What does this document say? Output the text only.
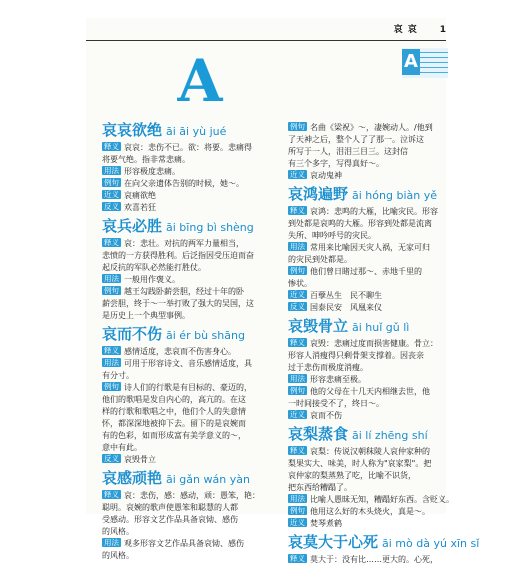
哀 哀 1
A
A
哀哀欲绝 āi āi yù jué
释义 哀哀：悲伤不已。欲：将要。悲痛得
将要气绝。指非常悲痛。
用法 形容极度悲痛。
例句 在向父亲遗体告别的时候，她～。
近义 哀痛欲绝
反义 欢喜若狂
哀兵必胜 āi bīng bì shèng
释义 哀：悲壮。对抗的两军力量相当，
悲愤的一方获得胜利。后泛指因受压迫而奋
起反抗的军队必然能打胜仗。
用法 一般用作褒义。
例句 越王勾践卧薪尝胆，经过十年的卧
薪尝胆，终于～一举打败了强大的吴国，这
是历史上一个典型事例。
哀而不伤 āi ér bù shāng
释义 感情适度，悲哀而不伤害身心。
用法 可用于形容诗文、音乐感情适度，具
有分寸。
例句 诗人们的行歌是有目标的、豪迈的，
他们的歌唱是发自内心的，高亢的。在这
样的行歌和歌唱之中，他们个人的失意情
怀，都深深地被抑下去。留下的是哀婉而
有的色彩，如而形成富有美学意义的～，
意中有此。
反义 哀毁骨立
哀感顽艳 āi gǎn wán yàn
释义 哀：悲伤，感：感动，顽：愚笨，艳：
聪明。哀婉的歌声使愚笨和聪慧的人都
受感动。形容文艺作品具备哀恸、感伤
的风格。
用法 观多形容文艺作品具备哀恸、感伤
的风格。
例句 名曲《梁祝》～，凄婉动人。/他到
了天神之后，整个人了了那一。泣诉这
所写于一人，泪泪三目三。这封信
有三个多字，写得真好～。
近义 哀动鬼神
哀鸿遍野 āi hóng biàn yě
释义 哀鸿：悲鸣的大雁，比喻灾民。形容
到处都是哀鸣的大雁。形容到处都是流离
失所、呻吟呼号的灾民。
用法 常用来比喻因天灾人祸，无家可归
的灾民到处都是。
例句 他们曾日睹过那～、赤地千里的
惨状。
近义 百孽丛生　民不聊生
反义 国泰民安　风凰来仪
哀毁骨立 āi huǐ gǔ lì
释义 哀毁：悲痛过度而损害健康。骨立：
形容人消瘦得只剩骨架支撑着。因丧亲
过于悲伤而极度消瘦。
用法 形容悲痛至极。
例句 他的父母在十几天内相继去世，他
一时间接受不了，终日～。
近义 哀而不伤
哀梨蒸食 āi lí zhēng shí
释义 哀梨：传说汉朝秣陵人哀仲家种的
梨果实大、味美，时人称为"哀家梨"。把
哀仲家的梨蒸熟了吃，比喻不识货，
把东西给糟蹋了。
用法 比喻人愚昧无知，糟蹋好东西。含贬义。
例句 他用这么好的木头烧火，真是～。
近义 焚琴煮鹤
哀莫大于心死 āi mò dà yú xīn sǐ
释义 莫大于：没有比……更大的。心死，
